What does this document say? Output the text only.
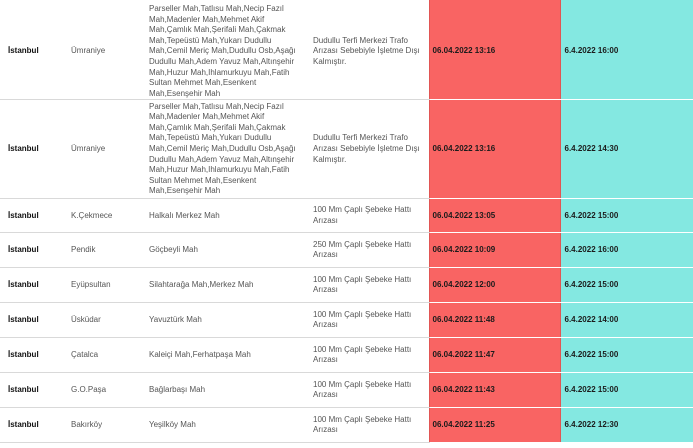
İstanbul	Ümraniye	Parseller Mah,Tatlısu Mah,Necip Fazıl Mah,Madenler Mah,Mehmet Akif Mah,Çamlık Mah,Şerifali Mah,Çakmak Mah,Tepeüstü Mah,Yukarı Dudullu Mah,Cemil Meriç Mah,Dudullu Osb,Aşağı Dudullu Mah,Adem Yavuz Mah,Altınşehir Mah,Huzur Mah,Ihlamurkuyu Mah,Fatih Sultan Mehmet Mah,Esenkent Mah,Esenşehir Mah	Dudullu Terfi Merkezi Trafo Arızası Sebebiyle İşletme Dışı Kalmıştır.	06.04.2022 13:16	6.4.2022 16:00
İstanbul	Ümraniye	Parseller Mah,Tatlısu Mah,Necip Fazıl Mah,Madenler Mah,Mehmet Akif Mah,Çamlık Mah,Şerifali Mah,Çakmak Mah,Tepeüstü Mah,Yukarı Dudullu Mah,Cemil Meriç Mah,Dudullu Osb,Aşağı Dudullu Mah,Adem Yavuz Mah,Altınşehir Mah,Huzur Mah,Ihlamurkuyu Mah,Fatih Sultan Mehmet Mah,Esenkent Mah,Esenşehir Mah	Dudullu Terfi Merkezi Trafo Arızası Sebebiyle İşletme Dışı Kalmıştır.	06.04.2022 13:16	6.4.2022 14:30
İstanbul	K.Çekmece	Halkalı Merkez Mah	100 Mm Çaplı Şebeke Hattı Arızası	06.04.2022 13:05	6.4.2022 15:00
İstanbul	Pendik	Göçbeyli Mah	250 Mm Çaplı Şebeke Hattı Arızası	06.04.2022 10:09	6.4.2022 16:00
İstanbul	Eyüpsultan	Silahtarağa Mah,Merkez Mah	100 Mm Çaplı Şebeke Hattı Arızası	06.04.2022 12:00	6.4.2022 15:00
İstanbul	Üsküdar	Yavuztürk Mah	100 Mm Çaplı Şebeke Hattı Arızası	06.04.2022 11:48	6.4.2022 14:00
İstanbul	Çatalca	Kaleiçi Mah,Ferhatpaşa Mah	100 Mm Çaplı Şebeke Hattı Arızası	06.04.2022 11:47	6.4.2022 15:00
İstanbul	G.O.Paşa	Bağlarbaşı Mah	100 Mm Çaplı Şebeke Hattı Arızası	06.04.2022 11:43	6.4.2022 15:00
İstanbul	Bakırköy	Yeşilköy Mah	100 Mm Çaplı Şebeke Hattı Arızası	06.04.2022 11:25	6.4.2022 12:30
